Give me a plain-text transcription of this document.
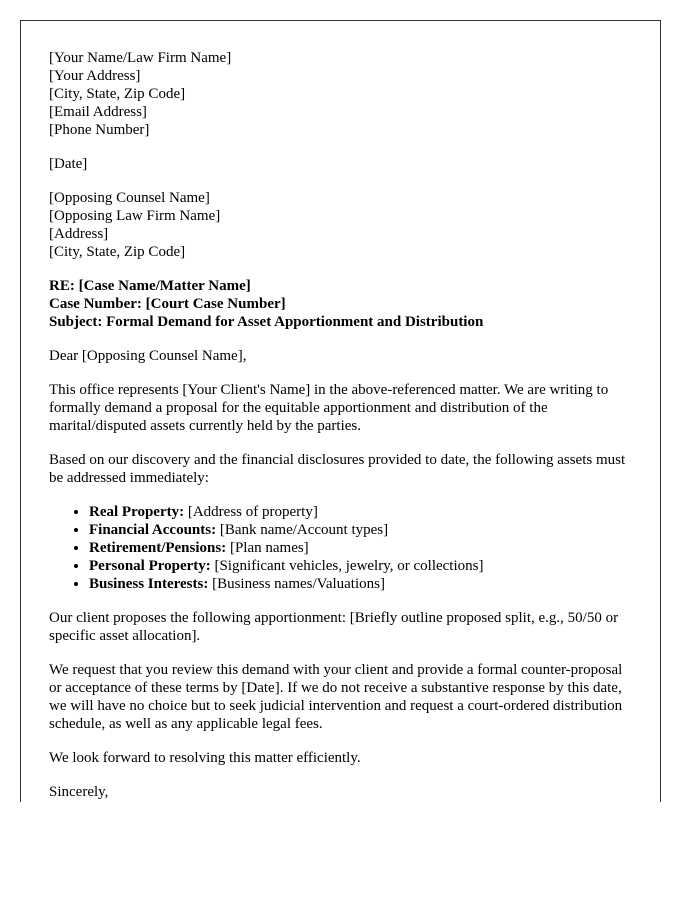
[Your Name/Law Firm Name]
[Your Address]
[City, State, Zip Code]
[Email Address]
[Phone Number]

[Date]

[Opposing Counsel Name]
[Opposing Law Firm Name]
[Address]
[City, State, Zip Code]
RE: [Case Name/Matter Name]
Case Number: [Court Case Number]
Subject: Formal Demand for Asset Apportionment and Distribution

Dear [Opposing Counsel Name],

This office represents [Your Client's Name] in the above-referenced matter. We are writing to formally demand a proposal for the equitable apportionment and distribution of the marital/disputed assets currently held by the parties.

Based on our discovery and the financial disclosures provided to date, the following assets must be addressed immediately:

• Real Property: [Address of property]
• Financial Accounts: [Bank name/Account types]
• Retirement/Pensions: [Plan names]
• Personal Property: [Significant vehicles, jewelry, or collections]
• Business Interests: [Business names/Valuations]

Our client proposes the following apportionment: [Briefly outline proposed split, e.g., 50/50 or specific asset allocation].

We request that you review this demand with your client and provide a formal counter-proposal or acceptance of these terms by [Date]. If we do not receive a substantive response by this date, we will have no choice but to seek judicial intervention and request a court-ordered distribution schedule, as well as any applicable legal fees.

We look forward to resolving this matter efficiently.

Sincerely,
